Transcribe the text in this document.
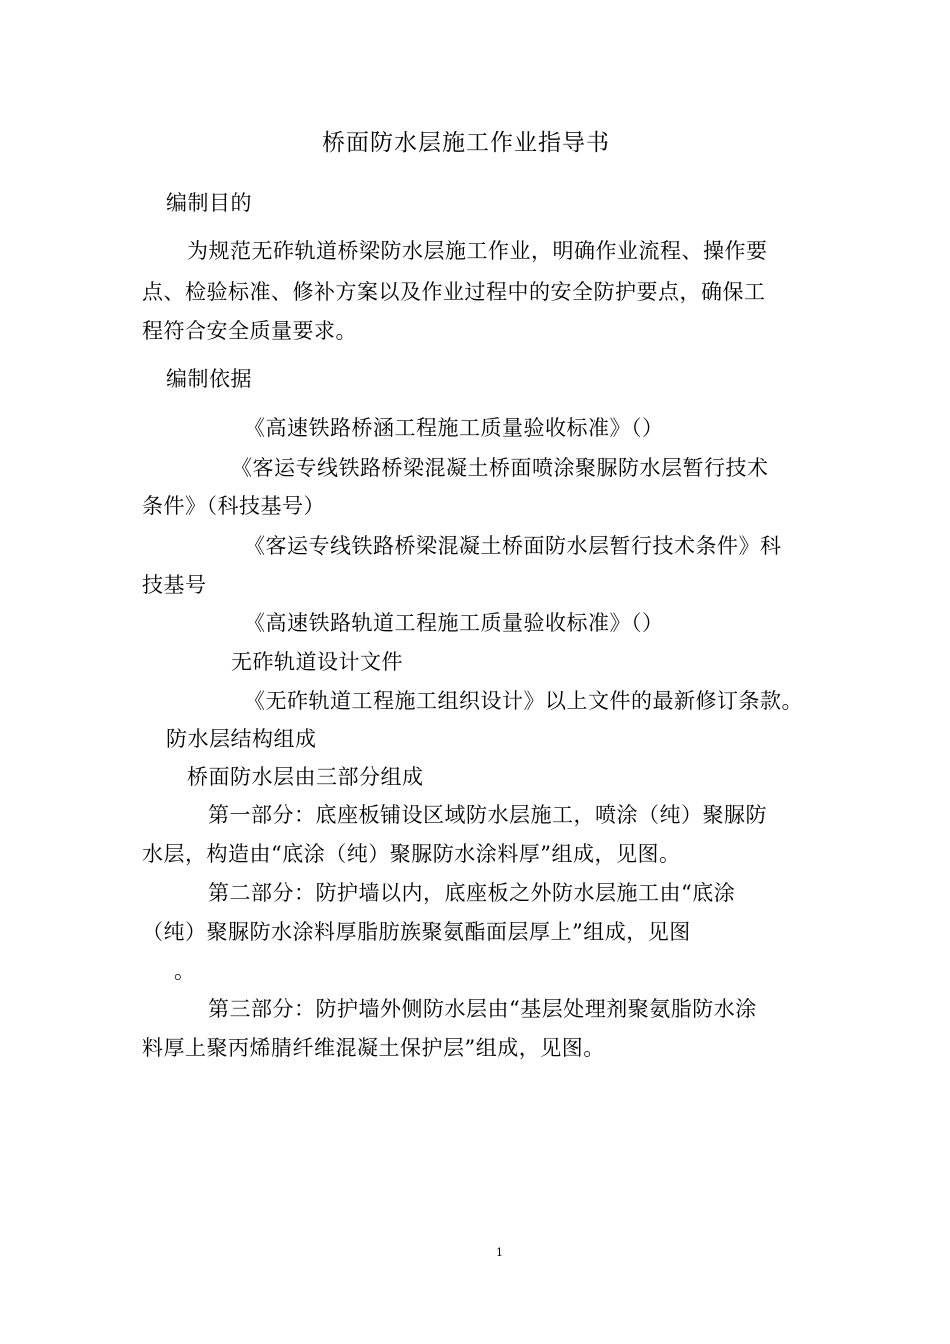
桥面防水层施工作业指导书
编制目的
为规范无砟轨道桥梁防水层施工作业，明确作业流程、操作要
点、检验标准、修补方案以及作业过程中的安全防护要点，确保工
程符合安全质量要求。
编制依据
《高速铁路桥涵工程施工质量验收标准》（）
《客运专线铁路桥梁混凝土桥面喷涂聚脲防水层暂行技术
条件》（科技基号）
《客运专线铁路桥梁混凝土桥面防水层暂行技术条件》科
技基号
《高速铁路轨道工程施工质量验收标准》（）
无砟轨道设计文件
《无砟轨道工程施工组织设计》以上文件的最新修订条款。
防水层结构组成
桥面防水层由三部分组成
第一部分：底座板铺设区域防水层施工，喷涂（纯）聚脲防
水层，构造由“底涂（纯）聚脲防水涂料厚”组成，见图。
第二部分：防护墙以内，底座板之外防水层施工由“底涂
（纯）聚脲防水涂料厚脂肪族聚氨酯面层厚上”组成，见图
。
第三部分：防护墙外侧防水层由“基层处理剂聚氨脂防水涂
料厚上聚丙烯腈纤维混凝土保护层”组成，见图。
1
